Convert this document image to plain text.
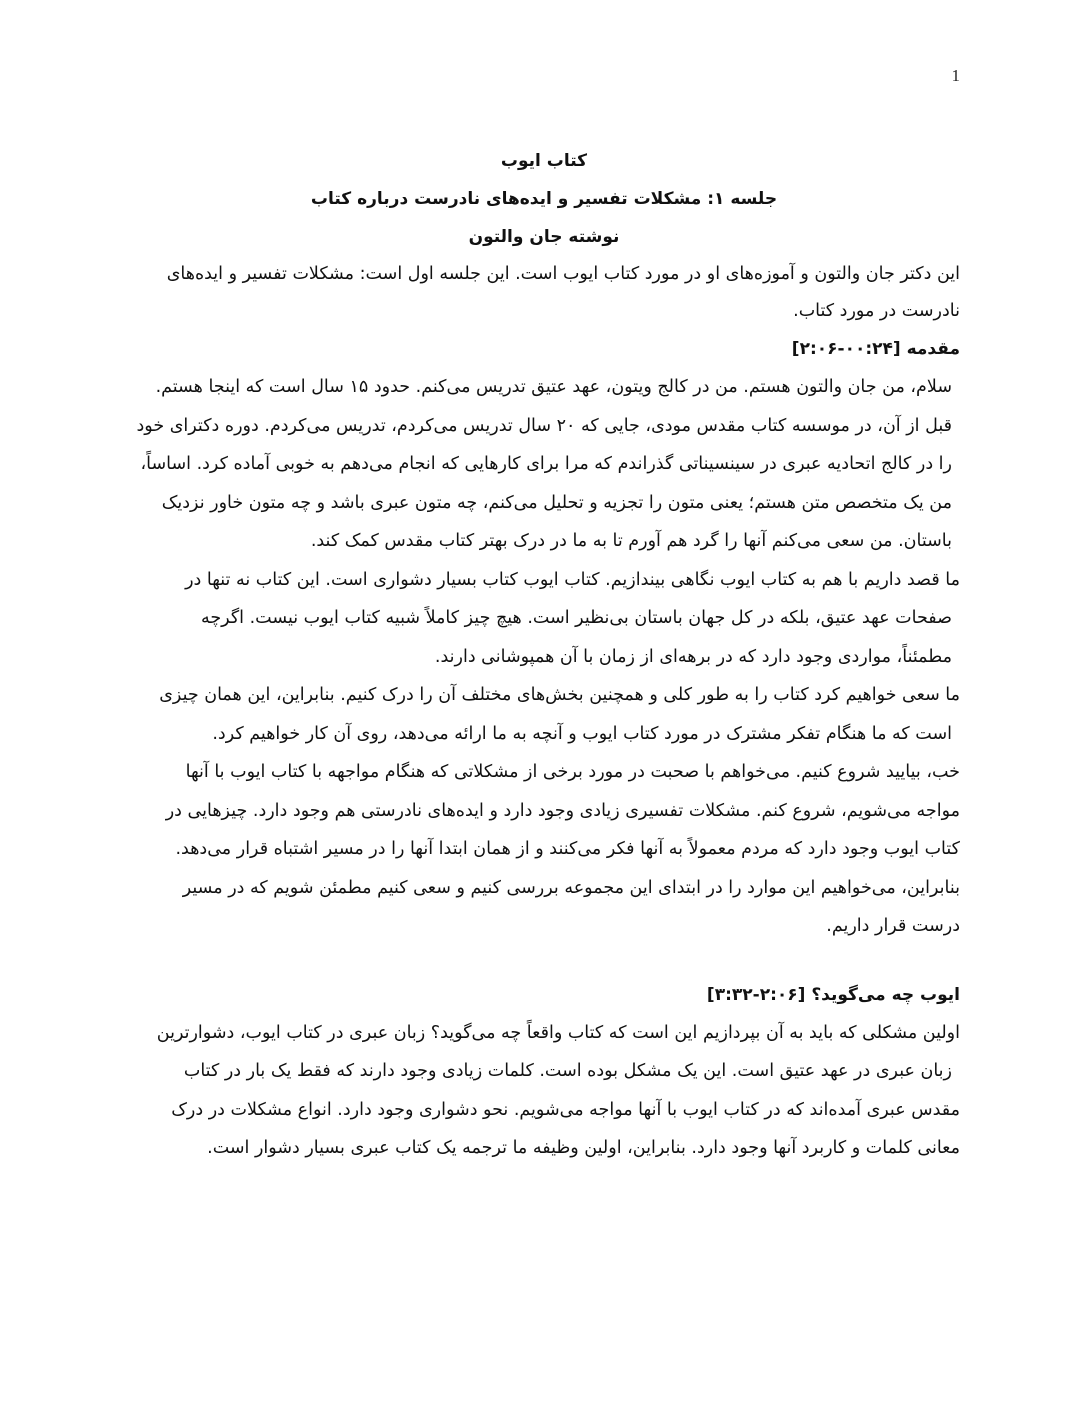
1

کتاب ایوب

جلسه ۱: مشکلات تفسیر و ایده‌های نادرست درباره کتاب

نوشته جان والتون

این دکتر جان والتون و آموزه‌های او در مورد کتاب ایوب است. این جلسه اول است: مشکلات تفسیر و ایده‌های

نادرست در مورد کتاب.

مقدمه [۰۰:۲۴-۲:۰۶]

سلام، من جان والتون هستم. من در کالج ویتون، عهد عتیق تدریس می‌کنم. حدود ۱۵ سال است که اینجا هستم.
قبل از آن، در موسسه کتاب مقدس مودی، جایی که ۲۰ سال تدریس می‌کردم، تدریس می‌کردم. دوره دکترای خود
را در کالج اتحادیه عبری در سینسیناتی گذراندم که مرا برای کارهایی که انجام می‌دهم به خوبی آماده کرد. اساساً،
من یک متخصص متن هستم؛ یعنی متون را تجزیه و تحلیل می‌کنم، چه متون عبری باشد و چه متون خاور نزدیک
باستان. من سعی می‌کنم آنها را گرد هم آورم تا به ما در درک بهتر کتاب مقدس کمک کند.
ما قصد داریم با هم به کتاب ایوب نگاهی بیندازیم. کتاب ایوب کتاب بسیار دشواری است. این کتاب نه تنها در
صفحات عهد عتیق، بلکه در کل جهان باستان بی‌نظیر است. هیچ چیز کاملاً شبیه کتاب ایوب نیست. اگرچه
مطمئناً، مواردی وجود دارد که در برهه‌ای از زمان با آن همپوشانی دارند.
ما سعی خواهیم کرد کتاب را به طور کلی و همچنین بخش‌های مختلف آن را درک کنیم. بنابراین، این همان چیزی
است که ما هنگام تفکر مشترک در مورد کتاب ایوب و آنچه به ما ارائه می‌دهد، روی آن کار خواهیم کرد.
خب، بیایید شروع کنیم. می‌خواهم با صحبت در مورد برخی از مشکلاتی که هنگام مواجهه با کتاب ایوب با آنها
مواجه می‌شویم، شروع کنم. مشکلات تفسیری زیادی وجود دارد و ایده‌های نادرستی هم وجود دارد. چیزهایی در
کتاب ایوب وجود دارد که مردم معمولاً به آنها فکر می‌کنند و از همان ابتدا آنها را در مسیر اشتباه قرار می‌دهد.
بنابراین، می‌خواهیم این موارد را در ابتدای این مجموعه بررسی کنیم و سعی کنیم مطمئن شویم که در مسیر
درست قرار داریم.

ایوب چه می‌گوید؟ [۲:۰۶-۳:۳۲]

اولین مشکلی که باید به آن بپردازیم این است که کتاب واقعاً چه می‌گوید؟ زبان عبری در کتاب ایوب، دشوارترین
زبان عبری در عهد عتیق است. این یک مشکل بوده است. کلمات زیادی وجود دارند که فقط یک بار در کتاب
مقدس عبری آمده‌اند که در کتاب ایوب با آنها مواجه می‌شویم. نحو دشواری وجود دارد. انواع مشکلات در درک
معانی کلمات و کاربرد آنها وجود دارد. بنابراین، اولین وظیفه ما ترجمه یک کتاب عبری بسیار دشوار است.
